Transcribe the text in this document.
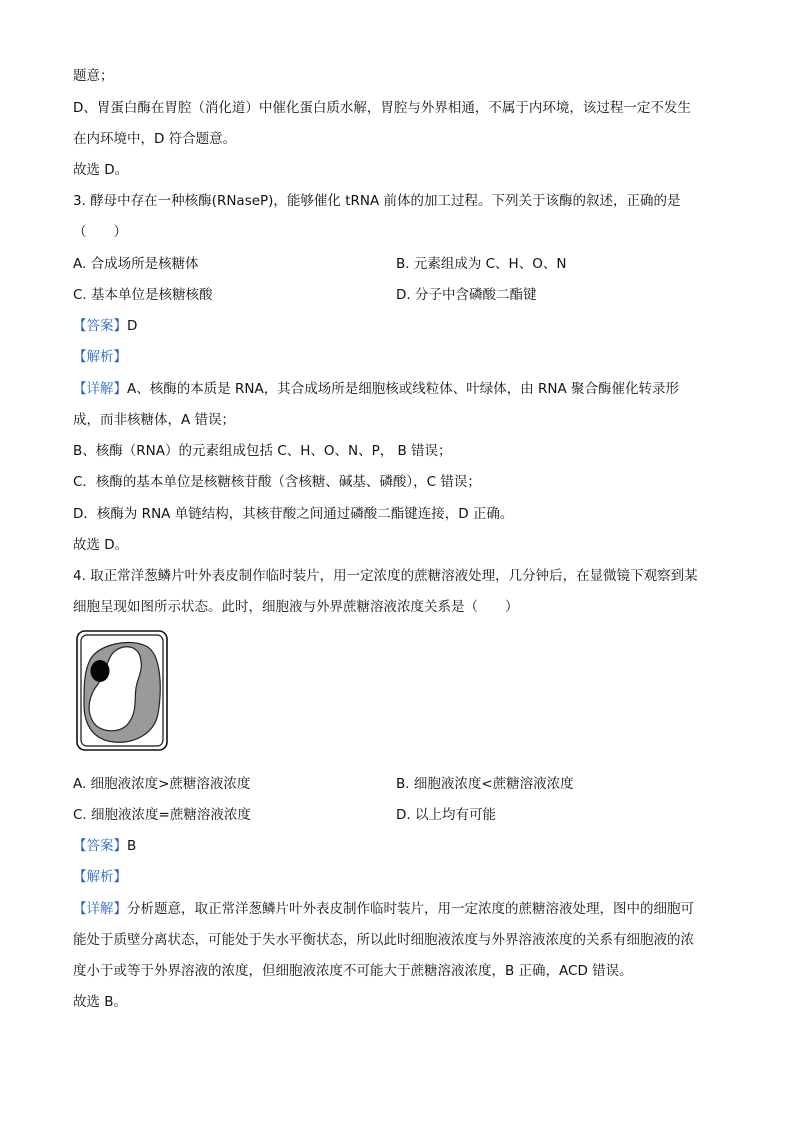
题意；
D、胃蛋白酶在胃腔（消化道）中催化蛋白质水解，胃腔与外界相通，不属于内环境，该过程一定不发生
在内环境中，D 符合题意。
故选 D。
3. 酵母中存在一种核酶(RNaseP)，能够催化 tRNA 前体的加工过程。下列关于该酶的叙述，正确的是
（　　）
A. 合成场所是核糖体	B. 元素组成为 C、H、O、N
C. 基本单位是核糖核酸	D. 分子中含磷酸二酯键
【答案】D
【解析】
【详解】A、核酶的本质是 RNA，其合成场所是细胞核或线粒体、叶绿体，由 RNA 聚合酶催化转录形
成，而非核糖体，A 错误；
B、核酶（RNA）的元素组成包括 C、H、O、N、P， B 错误；
C．核酶的基本单位是核糖核苷酸（含核糖、碱基、磷酸），C 错误；
D．核酶为 RNA 单链结构，其核苷酸之间通过磷酸二酯键连接，D 正确。
故选 D。
4. 取正常洋葱鳞片叶外表皮制作临时装片，用一定浓度的蔗糖溶液处理，几分钟后，在显微镜下观察到某
细胞呈现如图所示状态。此时，细胞液与外界蔗糖溶液浓度关系是（　　）
A. 细胞液浓度>蔗糖溶液浓度	B. 细胞液浓度<蔗糖溶液浓度
C. 细胞液浓度=蔗糖溶液浓度	D. 以上均有可能
【答案】B
【解析】
【详解】分析题意，取正常洋葱鳞片叶外表皮制作临时装片，用一定浓度的蔗糖溶液处理，图中的细胞可
能处于质壁分离状态，可能处于失水平衡状态，所以此时细胞液浓度与外界溶液浓度的关系有细胞液的浓
度小于或等于外界溶液的浓度，但细胞液浓度不可能大于蔗糖溶液浓度，B 正确，ACD 错误。
故选 B。
